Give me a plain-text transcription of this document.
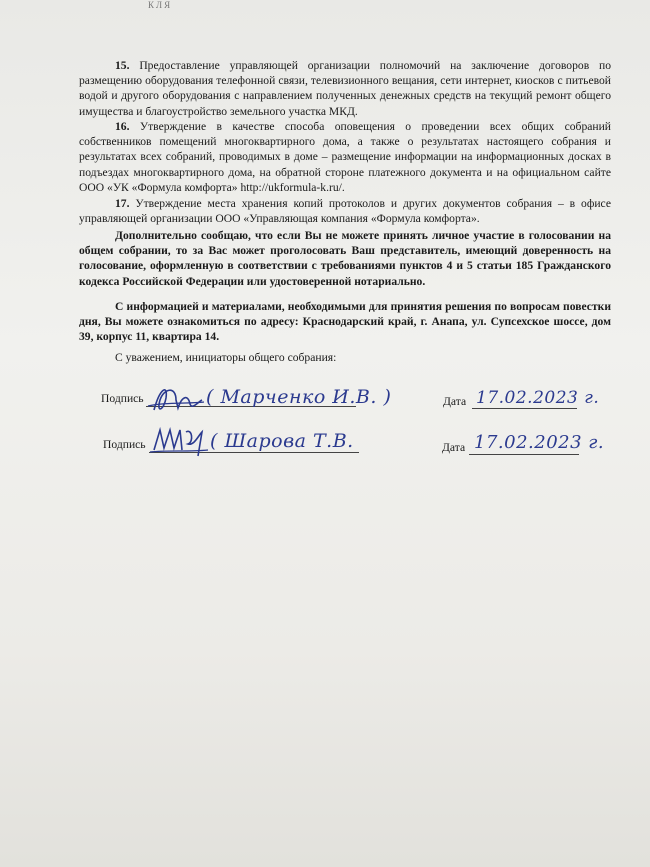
КЛЯ
15. Предоставление управляющей организации полномочий на заключение договоров по размещению оборудования телефонной связи, телевизионного вещания, сети интернет, киосков с питьевой водой и другого оборудования с направлением полученных денежных средств на текущий ремонт общего имущества и благоустройство земельного участка МКД.
16. Утверждение в качестве способа оповещения о проведении всех общих собраний собственников помещений многоквартирного дома, а также о результатах настоящего собрания и результатах всех собраний, проводимых в доме – размещение информации на информационных досках в подъездах многоквартирного дома, на обратной стороне платежного документа и на официальном сайте ООО «УК «Формула комфорта» http://ukformula-k.ru/.
17. Утверждение места хранения копий протоколов и других документов собрания – в офисе управляющей организации ООО «Управляющая компания «Формула комфорта».
Дополнительно сообщаю, что если Вы не можете принять личное участие в голосовании на общем собрании, то за Вас может проголосовать Ваш представитель, имеющий доверенность на голосование, оформленную в соответствии с требованиями пунктов 4 и 5 статьи 185 Гражданского кодекса Российской Федерации или удостоверенной нотариально.
С информацией и материалами, необходимыми для принятия решения по вопросам повестки дня, Вы можете ознакомиться по адресу: Краснодарский край, г. Анапа, ул. Супсехское шоссе, дом 39, корпус 11, квартира 14.
С уважением, инициаторы общего собрания:
Подпись	( Марченко И.В. )	Дата 17.02.2023 г.
Подпись	( Шарова Т.В.	Дата 17.02.2023 г.
